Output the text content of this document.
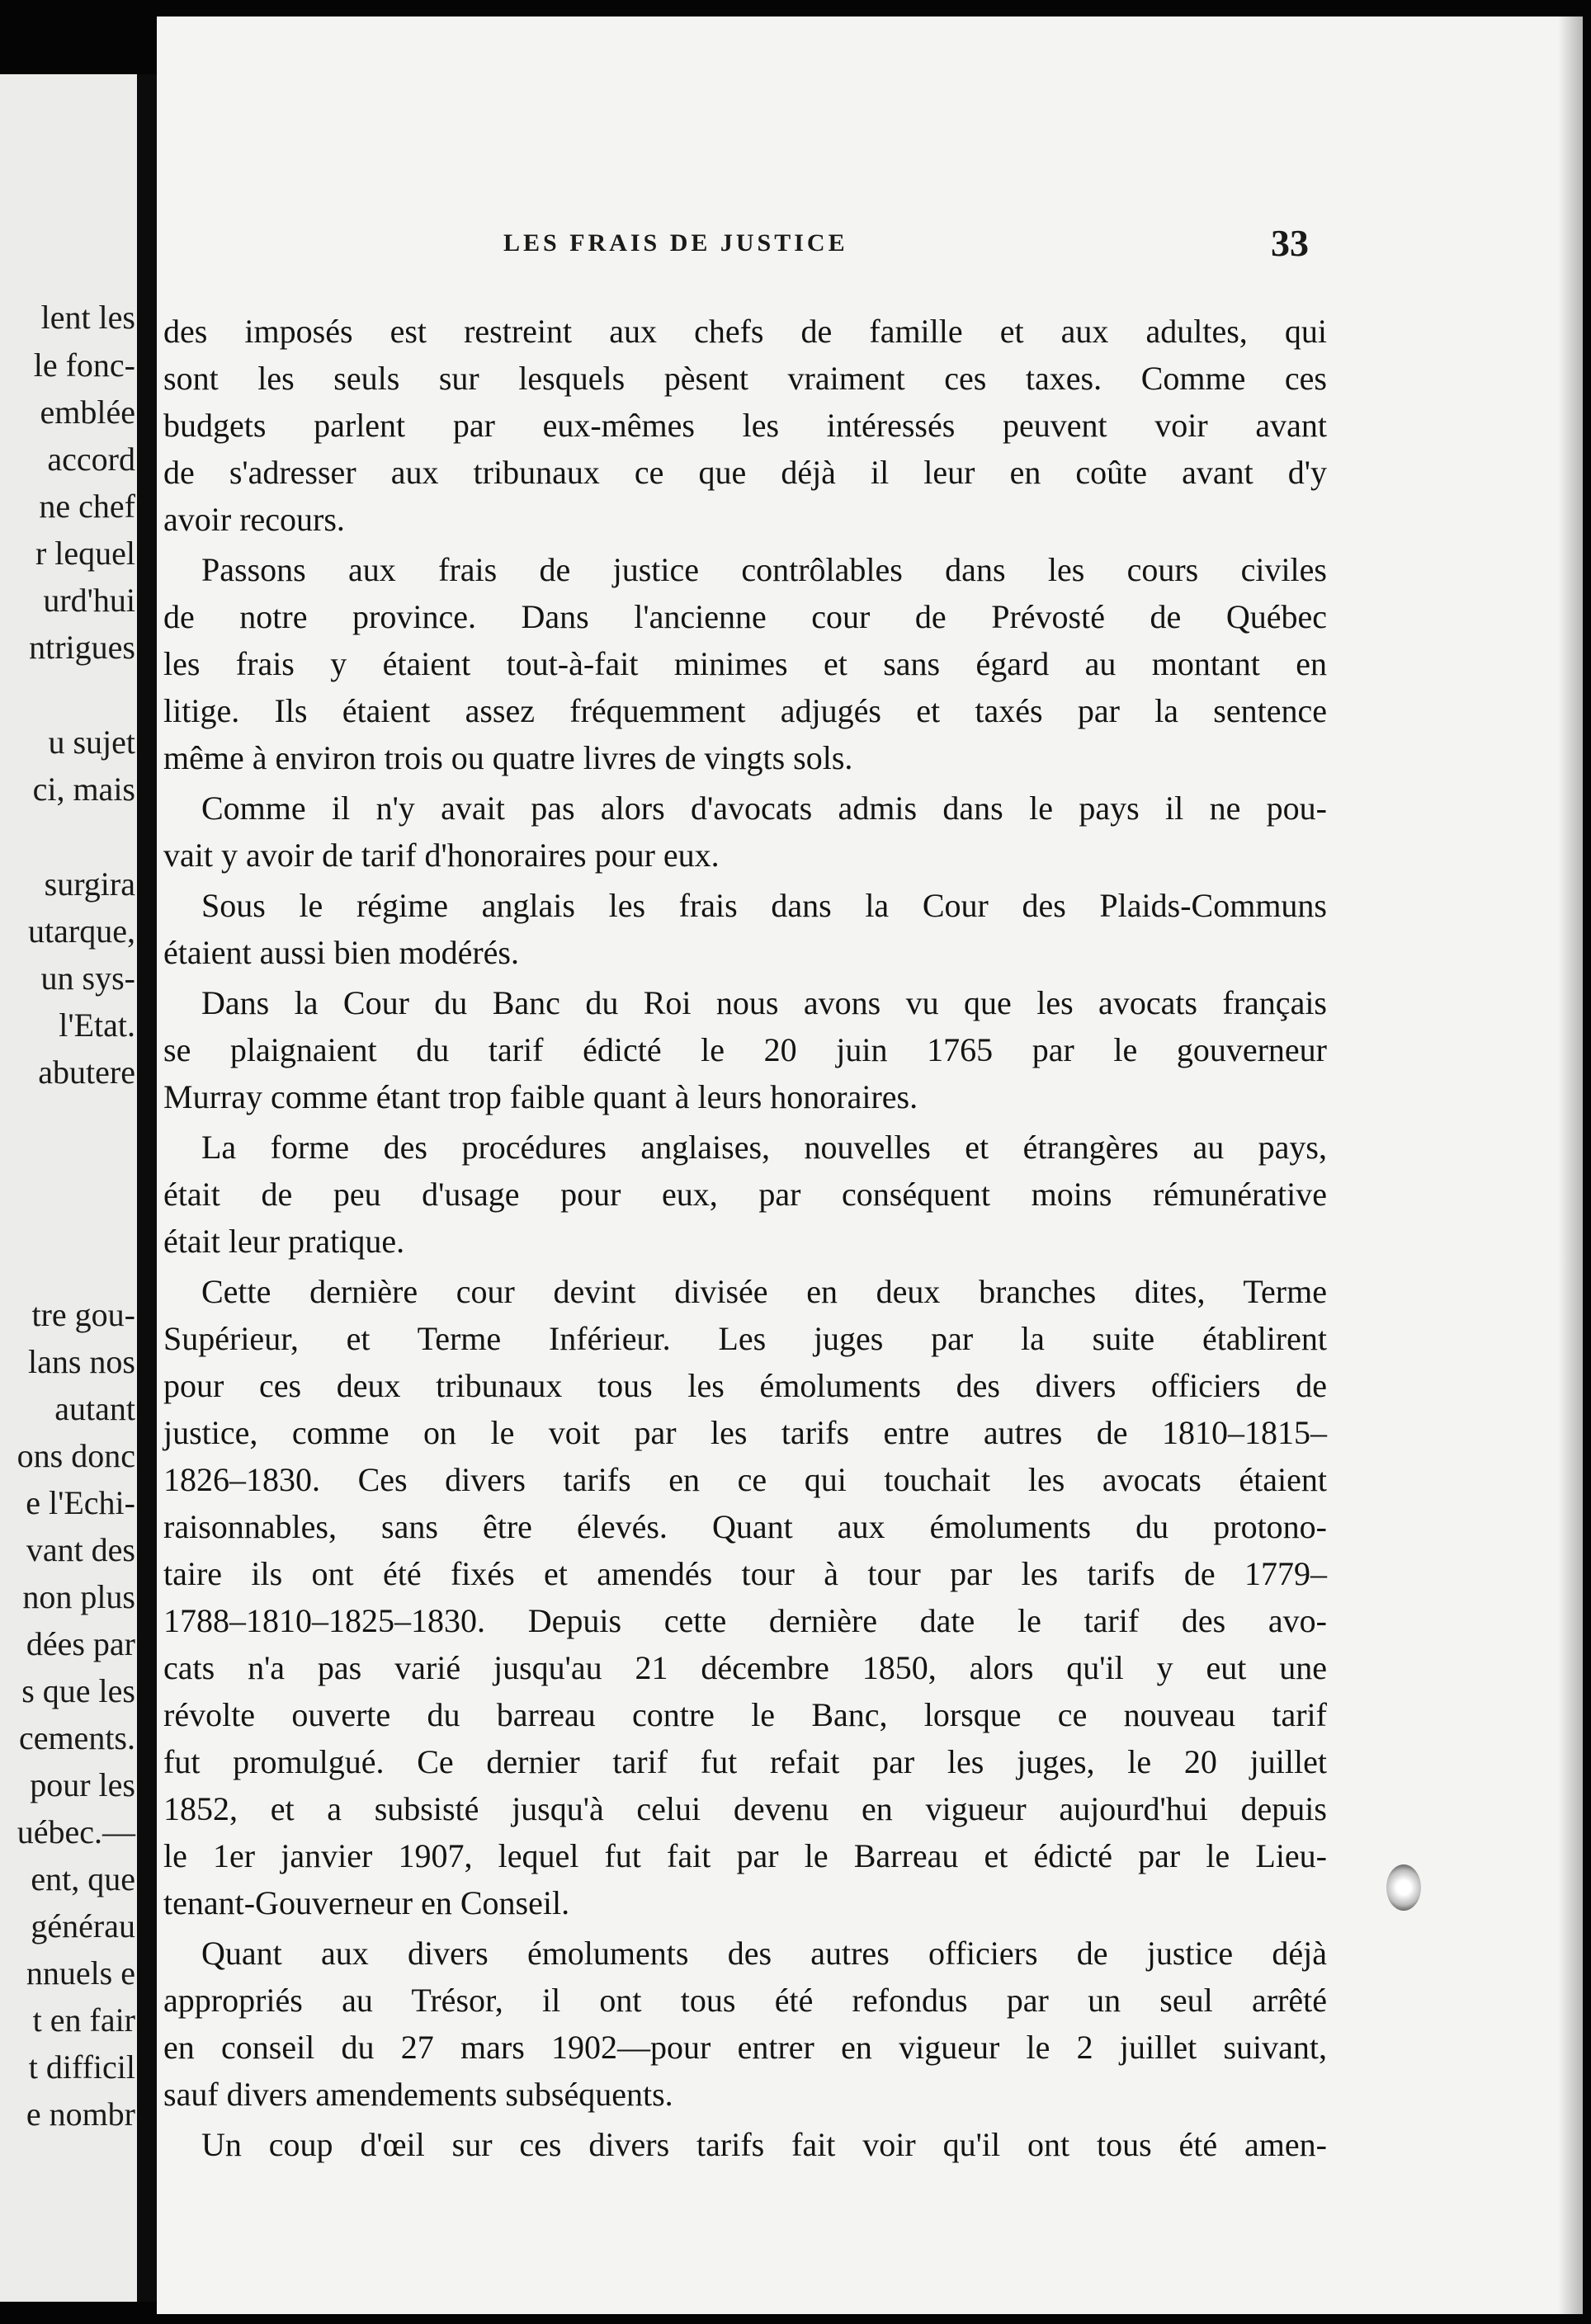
lent les
le fonc-
emblée
accord
ne chef
r lequel
urd'hui
ntrigues
u sujet
ci, mais
surgira
utarque,
un sys-
l'Etat.
abutere
tre gou-
lans nos
autant
ons donc
e l'Echi-
vant des
non plus
dées par
s que les
cements.
pour les
uébec.—
ent, que
générau
nnuels e
t en fair
t difficil
e nombr
LES FRAIS DE JUSTICE	33
des imposés est restreint aux chefs de famille et aux adultes, qui
sont les seuls sur lesquels pèsent vraiment ces taxes. Comme ces
budgets parlent par eux-mêmes les intéressés peuvent voir avant
de s'adresser aux tribunaux ce que déjà il leur en coûte avant d'y
avoir recours.
Passons aux frais de justice contrôlables dans les cours civiles
de notre province. Dans l'ancienne cour de Prévosté de Québec
les frais y étaient tout-à-fait minimes et sans égard au montant en
litige. Ils étaient assez fréquemment adjugés et taxés par la sentence
même à environ trois ou quatre livres de vingts sols.
Comme il n'y avait pas alors d'avocats admis dans le pays il ne pou-
vait y avoir de tarif d'honoraires pour eux.
Sous le régime anglais les frais dans la Cour des Plaids-Communs
étaient aussi bien modérés.
Dans la Cour du Banc du Roi nous avons vu que les avocats français
se plaignaient du tarif édicté le 20 juin 1765 par le gouverneur
Murray comme étant trop faible quant à leurs honoraires.
La forme des procédures anglaises, nouvelles et étrangères au pays,
était de peu d'usage pour eux, par conséquent moins rémunérative
était leur pratique.
Cette dernière cour devint divisée en deux branches dites, Terme
Supérieur, et Terme Inférieur. Les juges par la suite établirent
pour ces deux tribunaux tous les émoluments des divers officiers de
justice, comme on le voit par les tarifs entre autres de 1810–1815–
1826–1830. Ces divers tarifs en ce qui touchait les avocats étaient
raisonnables, sans être élevés. Quant aux émoluments du protono-
taire ils ont été fixés et amendés tour à tour par les tarifs de 1779–
1788–1810–1825–1830. Depuis cette dernière date le tarif des avo-
cats n'a pas varié jusqu'au 21 décembre 1850, alors qu'il y eut une
révolte ouverte du barreau contre le Banc, lorsque ce nouveau tarif
fut promulgué. Ce dernier tarif fut refait par les juges, le 20 juillet
1852, et a subsisté jusqu'à celui devenu en vigueur aujourd'hui depuis
le 1er janvier 1907, lequel fut fait par le Barreau et édicté par le Lieu-
tenant-Gouverneur en Conseil.
Quant aux divers émoluments des autres officiers de justice déjà
appropriés au Trésor, il ont tous été refondus par un seul arrêté
en conseil du 27 mars 1902—pour entrer en vigueur le 2 juillet suivant,
sauf divers amendements subséquents.
Un coup d'œil sur ces divers tarifs fait voir qu'il ont tous été amen-
